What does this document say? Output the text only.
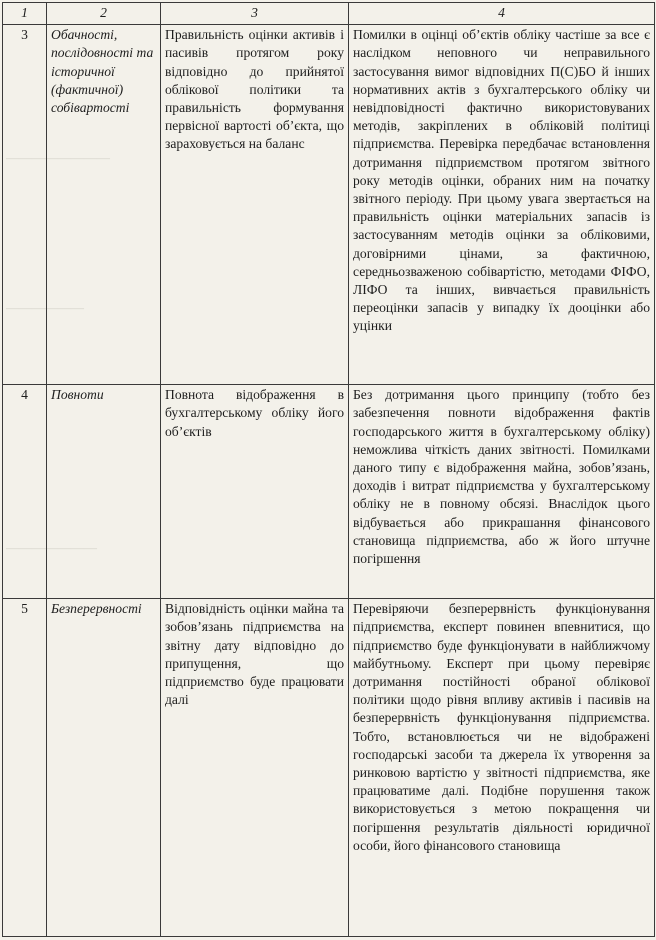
――――――――
――――――
―――――――
1	2	3	4
3	Обачності, послідовності та історичної (фактичної) собівартості	Правильність оцінки активів і пасивів протягом року відповідно до прийнятої облікової політики та правильність формування первісної вартості об’єкта, що зараховується на баланс	Помилки в оцінці об’єктів обліку частіше за все є наслідком неповного чи неправильного застосування вимог відповідних П(С)БО й інших нормативних актів з бухгалтерського обліку чи невідповідності фактично використовуваних методів, закріплених в обліковій політиці підприємства. Перевірка передбачає встановлення дотримання підприємством протягом звітного року методів оцінки, обраних ним на початку звітного періоду. При цьому увага звертається на правильність оцінки матеріальних запасів із застосуванням методів оцінки за обліковими, договірними цінами, за фактичною, середньозваженою собівартістю, методами ФІФО, ЛІФО та інших, вивчається правильність переоцінки запасів у випадку їх дооцінки або уцінки
4	Повноти	Повнота відображення в бухгалтерському обліку його об’єктів	Без дотримання цього принципу (тобто без забезпечення повноти відображення фактів господарського життя в бухгалтерському обліку) неможлива чіткість даних звітності. Помилками даного типу є відображення майна, зобов’язань, доходів і витрат підприємства у бухгалтерському обліку не в повному обсязі. Внаслідок цього відбувається або прикрашання фінансового становища підприємства, або ж його штучне погіршення
5	Безперервності	Відповідність оцінки майна та зобов’язань підприємства на звітну дату відповідно до припущення, що підприємство буде працювати далі	Перевіряючи безперервність функціонування підприємства, експерт повинен впевнитися, що підприємство буде функціонувати в найближчому майбутньому. Експерт при цьому перевіряє дотримання постійності обраної облікової політики щодо рівня впливу активів і пасивів на безперервність функціонування підприємства. Тобто, встановлюється чи не відображені господарські засоби та джерела їх утворення за ринковою вартістю у звітності підприємства, яке працюватиме далі. Подібне порушення також використовується з метою покращення чи погіршення результатів діяльності юридичної особи, його фінансового становища
